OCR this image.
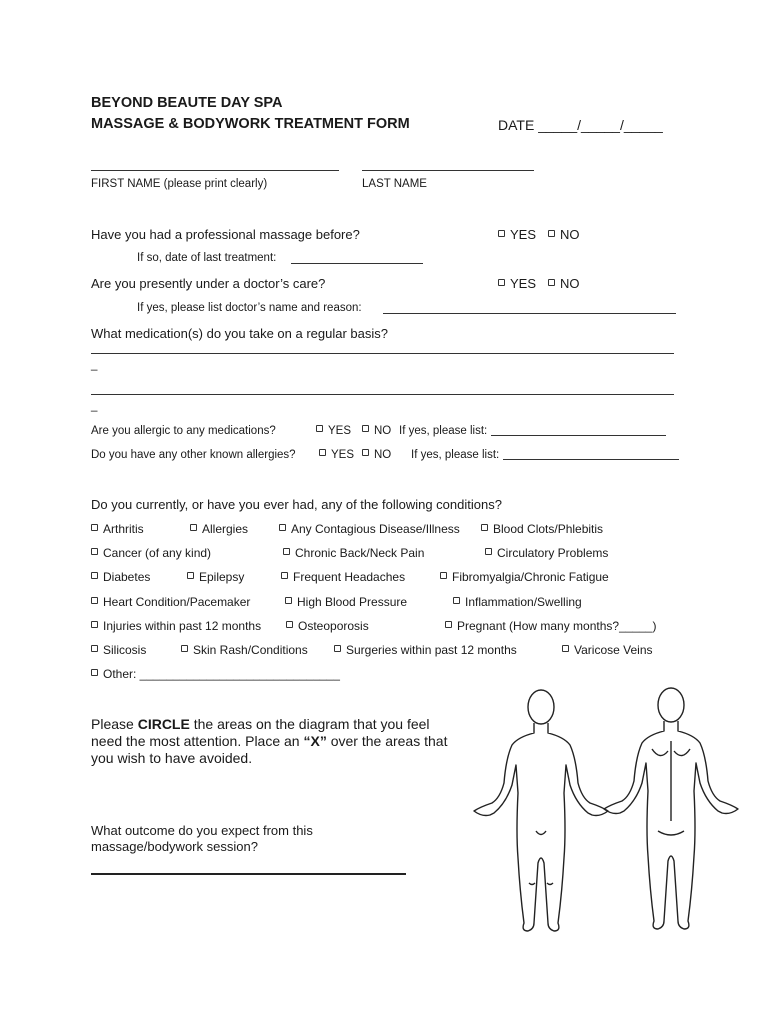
BEYOND BEAUTE DAY SPA
MASSAGE & BODYWORK TREATMENT FORM	DATE _____/_____/_____
FIRST NAME (please print clearly)	LAST NAME
Have you had a professional massage before?	YES	NO
If so, date of last treatment:
Are you presently under a doctor’s care?	YES	NO
If yes, please list doctor’s name and reason:
What medication(s) do you take on a regular basis?
_
_
Are you allergic to any medications?	YES	NO If yes, please list:
Do you have any other known allergies?	YES	NO If yes, please list:
Do you currently, or have you ever had, any of the following conditions?
Arthritis	Allergies	Any Contagious Disease/Illness	Blood Clots/Phlebitis
Cancer (of any kind)	Chronic Back/Neck Pain	Circulatory Problems
Diabetes	Epilepsy	Frequent Headaches	Fibromyalgia/Chronic Fatigue
Heart Condition/Pacemaker	High Blood Pressure	Inflammation/Swelling
Injuries within past 12 months	Osteoporosis	Pregnant (How many months?_____)
Silicosis	Skin Rash/Conditions	Surgeries within past 12 months	Varicose Veins
Other: ______________________________
Please CIRCLE the areas on the diagram that you feel need the most attention. Place an “X” over the areas that you wish to have avoided.
What outcome do you expect from this massage/bodywork session?
